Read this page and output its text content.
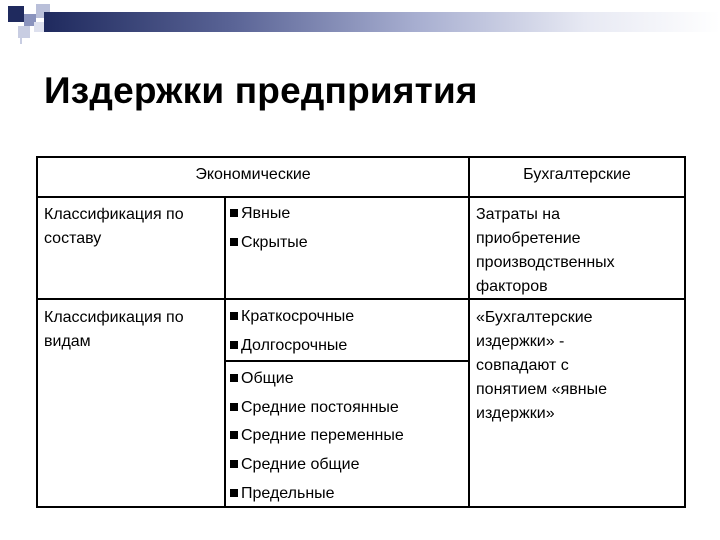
Издержки предприятия
Экономические	Бухгалтерские
Классификация по
составу
Явные
Скрытые
Затраты на
приобретение
производственных
факторов
Классификация по
видам
Краткосрочные
Долгосрочные
Общие
Средние постоянные
Средние переменные
Средние общие
Предельные
«Бухгалтерские
издержки» -
совпадают с
понятием «явные
издержки»
